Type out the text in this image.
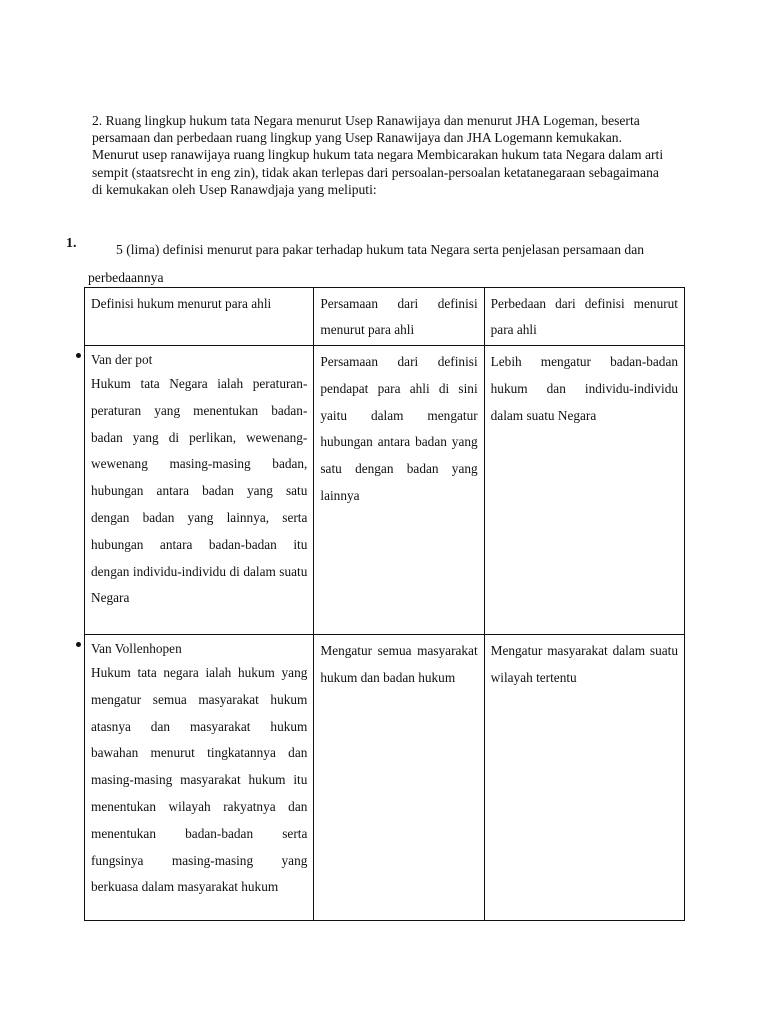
2. Ruang lingkup hukum tata Negara menurut Usep Ranawijaya dan menurut JHA Logeman, beserta persamaan dan perbedaan ruang lingkup yang Usep Ranawijaya dan JHA Logemann kemukakan. Menurut usep ranawijaya ruang lingkup hukum tata negara Membicarakan hukum tata Negara dalam arti sempit (staatsrecht in eng zin), tidak akan terlepas dari persoalan-persoalan ketatanegaraan sebagaimana di kemukakan oleh Usep Ranawdjaja yang meliputi:
1.	5 (lima) definisi menurut para pakar terhadap hukum tata Negara serta penjelasan persamaan dan perbedaannya
Definisi hukum menurut para ahli	Persamaan dari definisi menurut para ahli	Perbedaan dari definisi menurut para ahli

Van der pot
Hukum tata Negara ialah peraturan-peraturan yang menentukan badan-badan yang di perlikan, wewenang-wewenang masing-masing badan, hubungan antara badan yang satu dengan badan yang lainnya, serta hubungan antara badan-badan itu dengan individu-individu di dalam suatu Negara	Persamaan dari definisi pendapat para ahli di sini yaitu dalam mengatur hubungan antara badan yang satu dengan badan yang lainnya	Lebih mengatur badan-badan hukum dan individu-individu dalam suatu Negara

Van Vollenhopen
Hukum tata negara ialah hukum yang mengatur semua masyarakat hukum atasnya dan masyarakat hukum bawahan menurut tingkatannya dan masing-masing masyarakat hukum itu menentukan wilayah rakyatnya dan menentukan badan-badan serta fungsinya masing-masing yang berkuasa dalam masyarakat hukum	Mengatur semua masyarakat hukum dan badan hukum	Mengatur masyarakat dalam suatu wilayah tertentu
